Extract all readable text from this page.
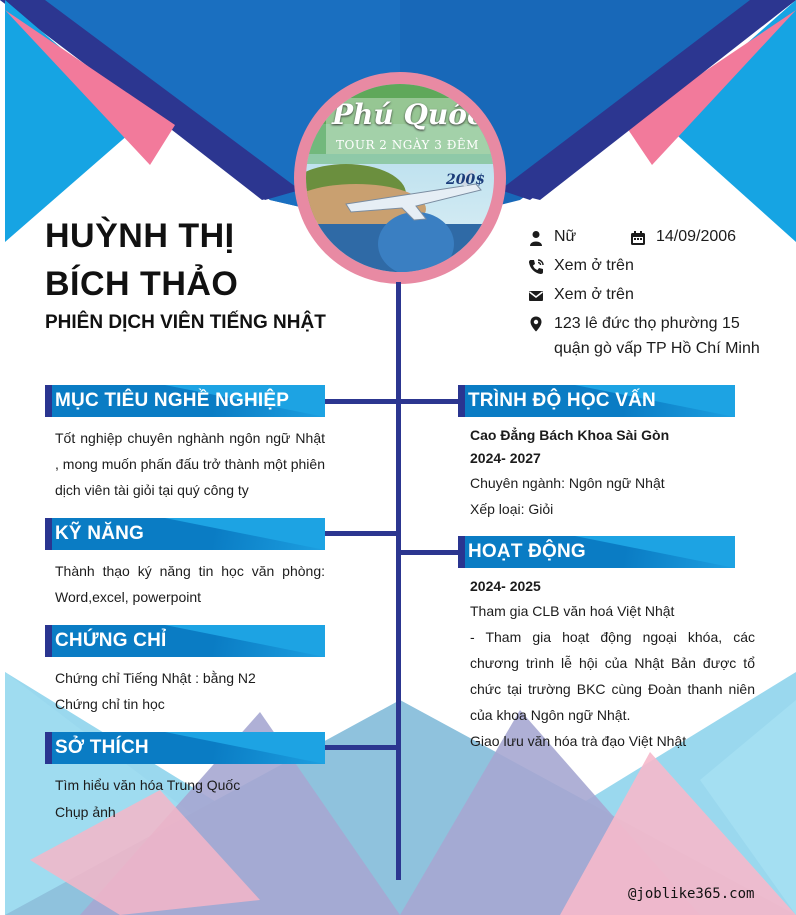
HUỲNH THỊ
BÍCH THẢO
PHIÊN DỊCH VIÊN TIẾNG NHẬT
Phú Quốc
TOUR 2 NGÀY 3 ĐÊM
200$
Nữ	14/09/2006
Xem ở trên
Xem ở trên
123 lê đức thọ phường 15 quận gò vấp TP Hồ Chí Minh
MỤC TIÊU NGHỀ NGHIỆP
Tốt nghiệp chuyên nghành ngôn ngữ Nhật , mong muốn phấn đấu trở thành một phiên dịch viên tài giỏi tại quý công ty
KỸ NĂNG
Thành thạo ký năng tin học văn phòng: Word,excel, powerpoint
CHỨNG CHỈ
Chứng chỉ Tiếng Nhật : bằng N2
Chứng chỉ tin học
SỞ THÍCH
Tìm hiểu văn hóa Trung Quốc
Chụp ảnh
TRÌNH ĐỘ HỌC VẤN
Cao Đẳng Bách Khoa Sài Gòn
2024- 2027
Chuyên ngành: Ngôn ngữ Nhật
Xếp loại: Giỏi
HOẠT ĐỘNG
2024- 2025
Tham gia CLB văn hoá Việt Nhật
- Tham gia hoạt động ngoại khóa, các chương trình lễ hội của Nhật Bản được tổ chức tại trường BKC cùng Đoàn thanh niên của khoa Ngôn ngữ Nhật.
Giao lưu văn hóa trà đạo Việt Nhật
@joblike365.com
